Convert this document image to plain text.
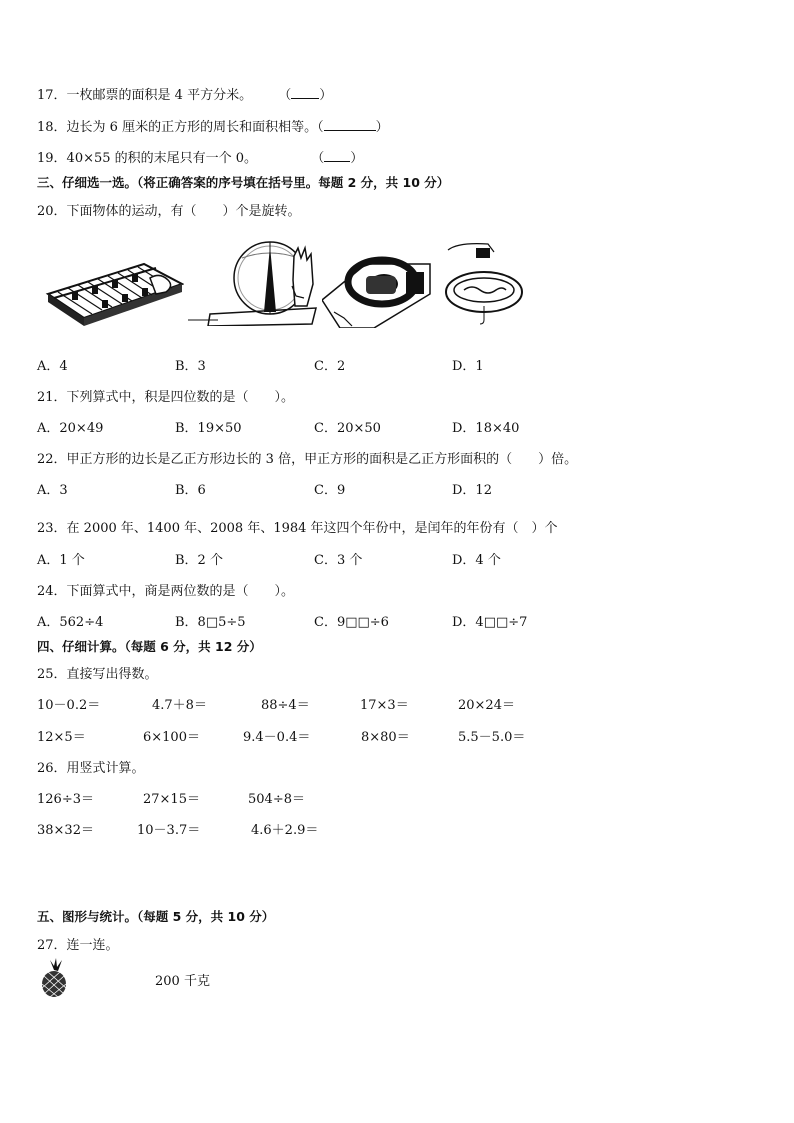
17．一枚邮票的面积是 4 平方分米。 （ ）
18．边长为 6 厘米的正方形的周长和面积相等。（	）
19．40×55 的积的末尾只有一个 0。	（ ）
三、仔细选一选。（将正确答案的序号填在括号里。每题 2 分，共 10 分）
20．下面物体的运动，有（　　）个是旋转。
A．4	B．3	C．2	D．1
21．下列算式中，积是四位数的是（　　）。
A．20×49	B．19×50	C．20×50	D．18×40
22．甲正方形的边长是乙正方形边长的 3 倍，甲正方形的面积是乙正方形面积的（　　）倍。
A．3	B．6	C．9	D．12
23．在 2000 年、1400 年、2008 年、1984 年这四个年份中，是闰年的年份有（　）个
A．1 个	B．2 个	C．3 个	D．4 个
24．下面算式中，商是两位数的是（　　）。
A．562÷4	B．8□5÷5	C．9□□÷6	D．4□□÷7
四、仔细计算。（每题 6 分，共 12 分）
25．直接写出得数。
10－0.2＝	4.7＋8＝	88÷4＝	17×3＝	20×24＝
12×5＝	6×100＝	9.4－0.4＝	8×80＝	5.5－5.0＝
26．用竖式计算。
126÷3＝	27×15＝	504÷8＝
38×32＝	10－3.7＝	4.6＋2.9＝
五、图形与统计。（每题 5 分，共 10 分）
27．连一连。
200 千克
